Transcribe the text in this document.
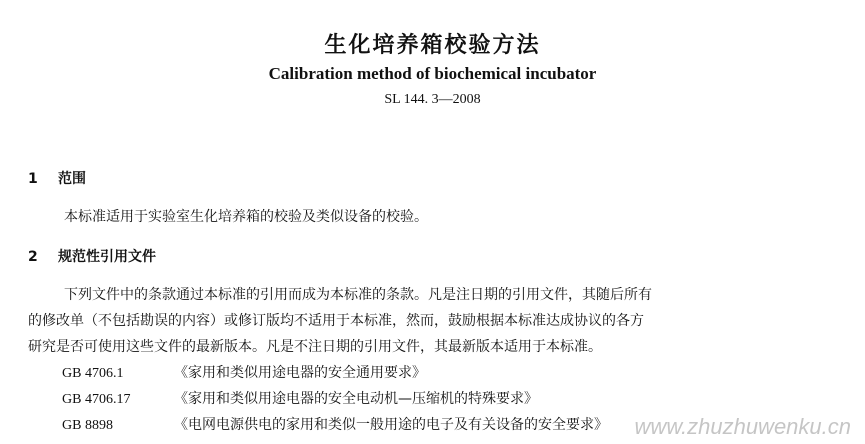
生化培养箱校验方法
Calibration method of biochemical incubator
SL 144. 3—2008
1 范围
本标准适用于实验室生化培养箱的校验及类似设备的校验。
2 规范性引用文件
下列文件中的条款通过本标准的引用而成为本标准的条款。凡是注日期的引用文件，其随后所有
的修改单（不包括勘误的内容）或修订版均不适用于本标准，然而，鼓励根据本标准达成协议的各方
研究是否可使用这些文件的最新版本。凡是不注日期的引用文件，其最新版本适用于本标准。
GB 4706.1	《家用和类似用途电器的安全通用要求》
GB 4706.17	《家用和类似用途电器的安全电动机—压缩机的特殊要求》
GB 8898	《电网电源供电的家用和类似一般用途的电子及有关设备的安全要求》 www.zhuzhuwenku.cn
